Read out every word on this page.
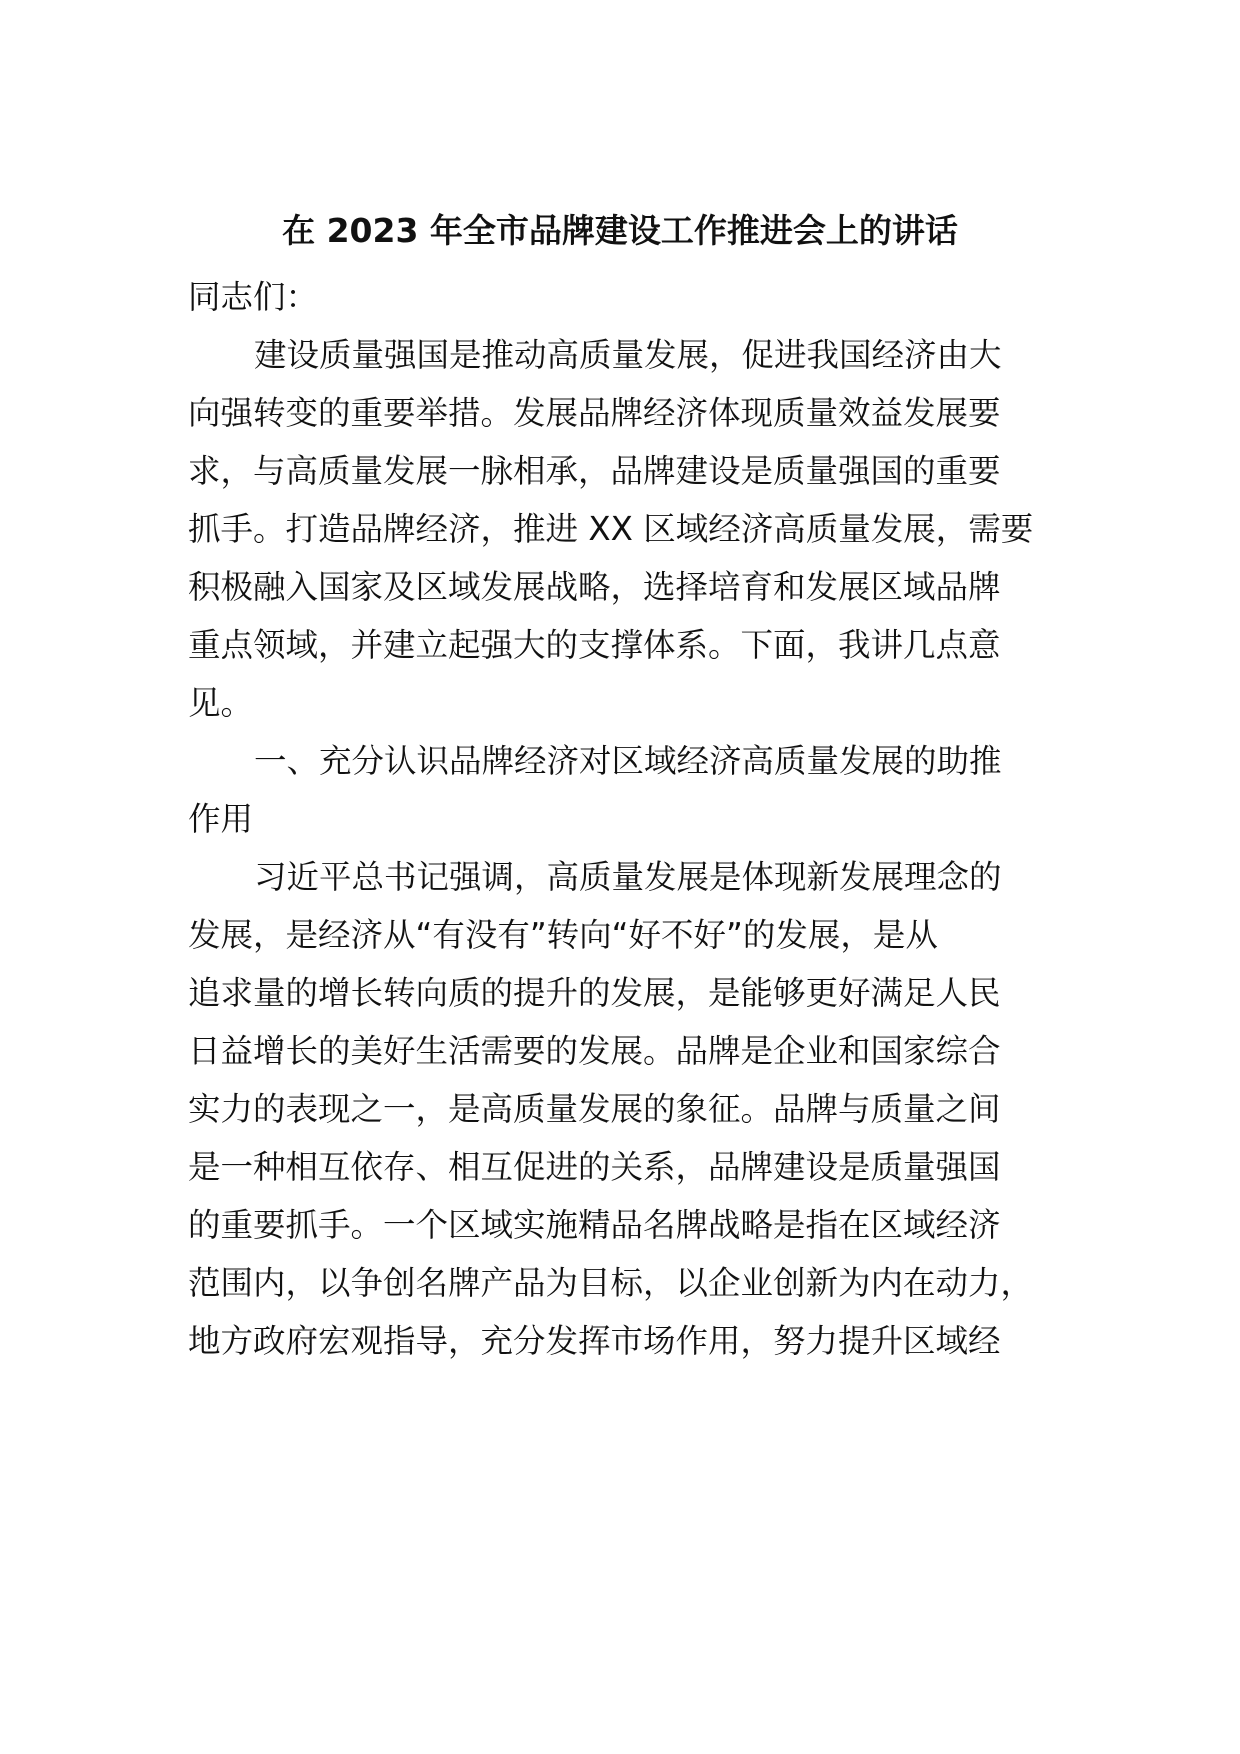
在 2023 年全市品牌建设工作推进会上的讲话
同志们：
建设质量强国是推动高质量发展，促进我国经济由大
向强转变的重要举措。发展品牌经济体现质量效益发展要
求，与高质量发展一脉相承，品牌建设是质量强国的重要
抓手。打造品牌经济，推进 XX 区域经济高质量发展，需要
积极融入国家及区域发展战略，选择培育和发展区域品牌
重点领域，并建立起强大的支撑体系。下面，我讲几点意
见。
一、充分认识品牌经济对区域经济高质量发展的助推
作用
习近平总书记强调，高质量发展是体现新发展理念的
发展，是经济从“有没有”转向“好不好”的发展，是从
追求量的增长转向质的提升的发展，是能够更好满足人民
日益增长的美好生活需要的发展。品牌是企业和国家综合
实力的表现之一，是高质量发展的象征。品牌与质量之间
是一种相互依存、相互促进的关系，品牌建设是质量强国
的重要抓手。一个区域实施精品名牌战略是指在区域经济
范围内，以争创名牌产品为目标，以企业创新为内在动力，
地方政府宏观指导，充分发挥市场作用，努力提升区域经
